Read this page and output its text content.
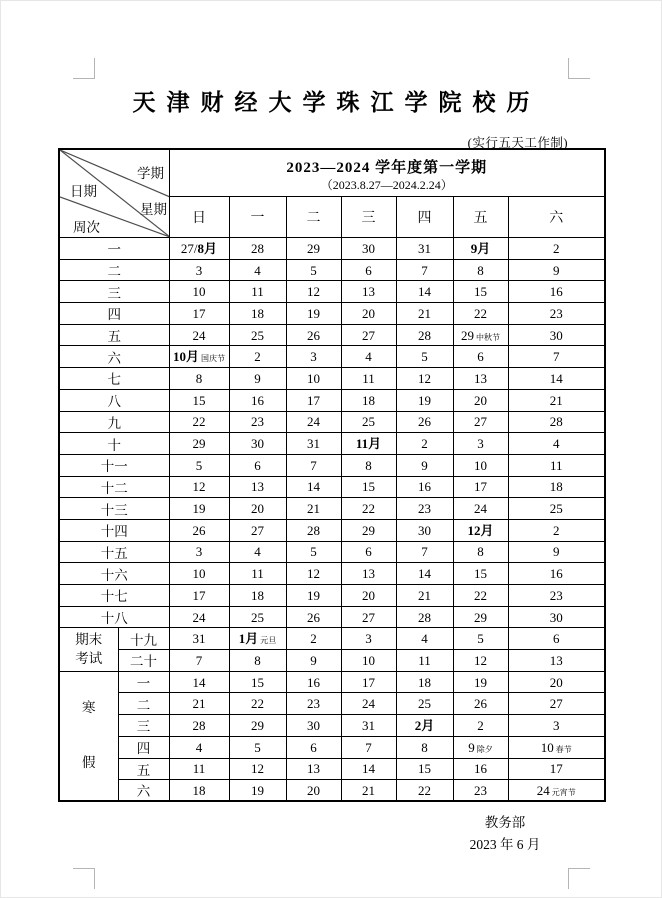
天津财经大学珠江学院校历
(实行五天工作制)
学期
日期
星期
周次

2023—2024 学年度第一学期
（2023.8.27—2024.2.24）

		日	一	二	三	四	五	六
一		27/8月	28	29	30	31	9月	2
二		3	4	5	6	7	8	9
三		10	11	12	13	14	15	16
四		17	18	19	20	21	22	23
五		24	25	26	27	28	29 中秋节	30
六		10月 国庆节	2	3	4	5	6	7
七		8	9	10	11	12	13	14
八		15	16	17	18	19	20	21
九		22	23	24	25	26	27	28
十		29	30	31	11月	2	3	4
十一		5	6	7	8	9	10	11
十二		12	13	14	15	16	17	18
十三		19	20	21	22	23	24	25
十四		26	27	28	29	30	12月	2
十五		3	4	5	6	7	8	9
十六		10	11	12	13	14	15	16
十七		17	18	19	20	21	22	23
十八		24	25	26	27	28	29	30

期末
考试	十九	31	1月 元旦	2	3	4	5	6
	二十	7	8	9	10	11	12	13

寒
假	一	14	15	16	17	18	19	20
	二	21	22	23	24	25	26	27
	三	28	29	30	31	2月	2	3
	四	4	5	6	7	8	9 除夕	10 春节
	五	11	12	13	14	15	16	17
	六	18	19	20	21	22	23	24 元宵节
教务部
2023 年 6 月
